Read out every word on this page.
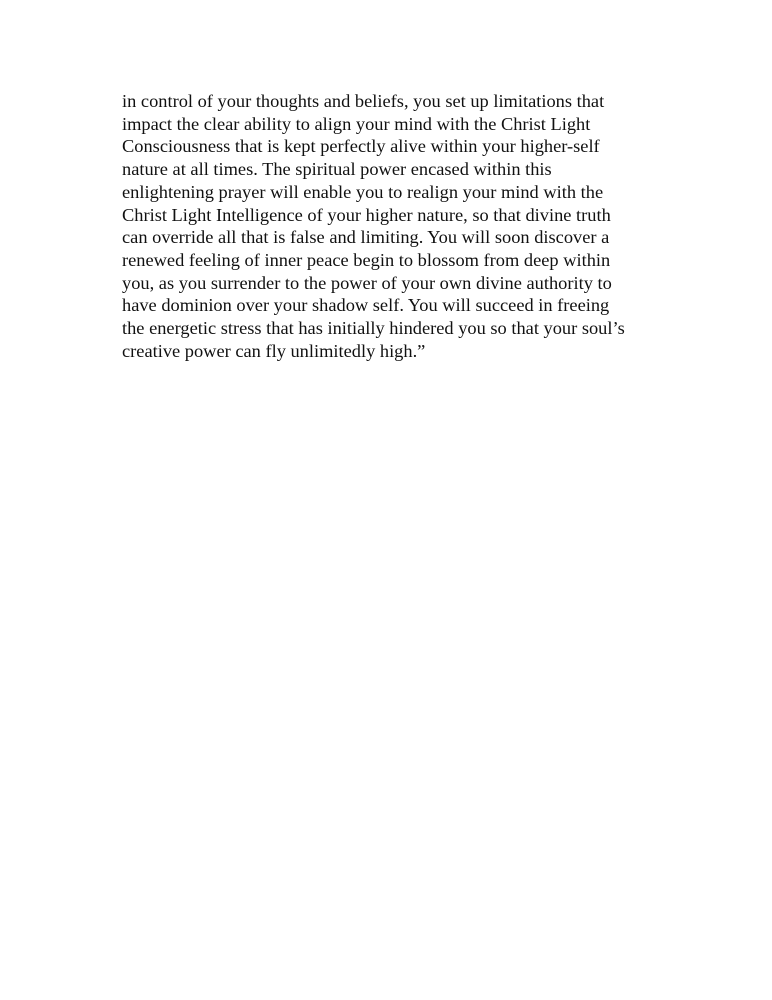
in control of your thoughts and beliefs, you set up limitations that
impact the clear ability to align your mind with the Christ Light
Consciousness that is kept perfectly alive within your higher-self
nature at all times. The spiritual power encased within this
enlightening prayer will enable you to realign your mind with the
Christ Light Intelligence of your higher nature, so that divine truth
can override all that is false and limiting. You will soon discover a
renewed feeling of inner peace begin to blossom from deep within
you, as you surrender to the power of your own divine authority to
have dominion over your shadow self. You will succeed in freeing
the energetic stress that has initially hindered you so that your soul’s
creative power can fly unlimitedly high.”
